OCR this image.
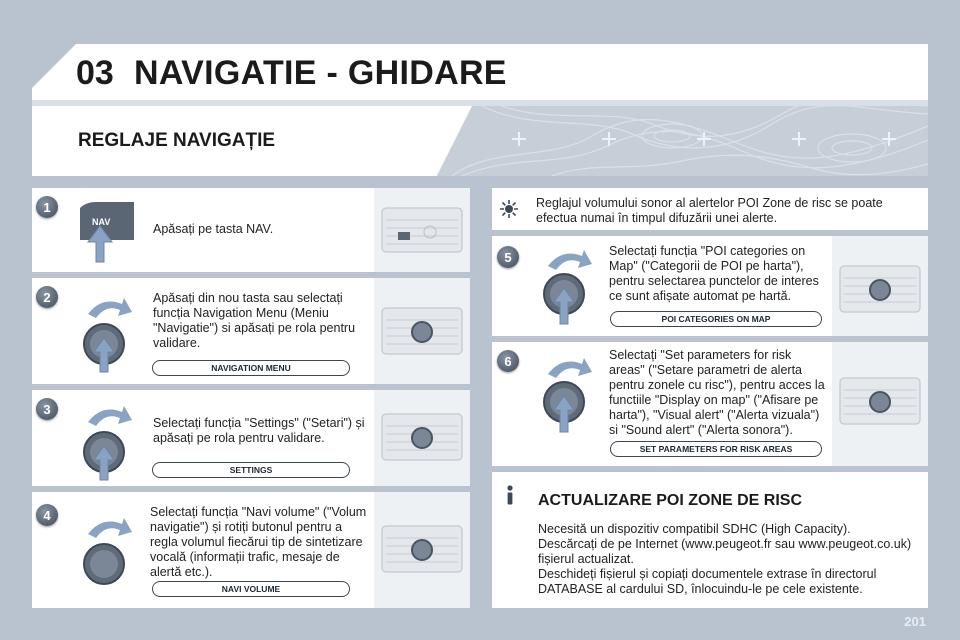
03 NAVIGATIE - GHIDARE
REGLAJE NAVIGAȚIE
1
NAV	Apăsați pe tasta NAV.
2	Apăsați din nou tasta sau selectați funcția Navigation Menu (Meniu "Navigatie") si apăsați pe rola pentru validare.
NAVIGATION MENU
3
Selectați funcția "Settings" ("Setari") și apăsați pe rola pentru validare.
SETTINGS
4	Selectați funcția "Navi volume" ("Volum navigatie") și rotiți butonul pentru a regla volumul fiecărui tip de sintetizare vocală (informații trafic, mesaje de alertă etc.).
NAVI VOLUME
Reglajul volumului sonor al alertelor POI Zone de risc se poate efectua numai în timpul difuzării unei alerte.
5	Selectați funcția "POI categories on Map" ("Categorii de POI pe harta"), pentru selectarea punctelor de interes ce sunt afișate automat pe hartă.
POI CATEGORIES ON MAP
6	Selectați "Set parameters for risk areas" ("Setare parametri de alerta pentru zonele cu risc"), pentru acces la functiile "Display on map" ("Afisare pe harta"), "Visual alert" ("Alerta vizuala") si "Sound alert" ("Alerta sonora").
SET PARAMETERS FOR RISK AREAS
ACTUALIZARE POI ZONE DE RISC
Necesită un dispozitiv compatibil SDHC (High Capacity).
Descărcați de pe Internet (www.peugeot.fr sau www.peugeot.co.uk) fișierul actualizat.
Deschideți fișierul și copiați documentele extrase în directorul DATABASE al cardului SD, înlocuindu-le pe cele existente.
201
